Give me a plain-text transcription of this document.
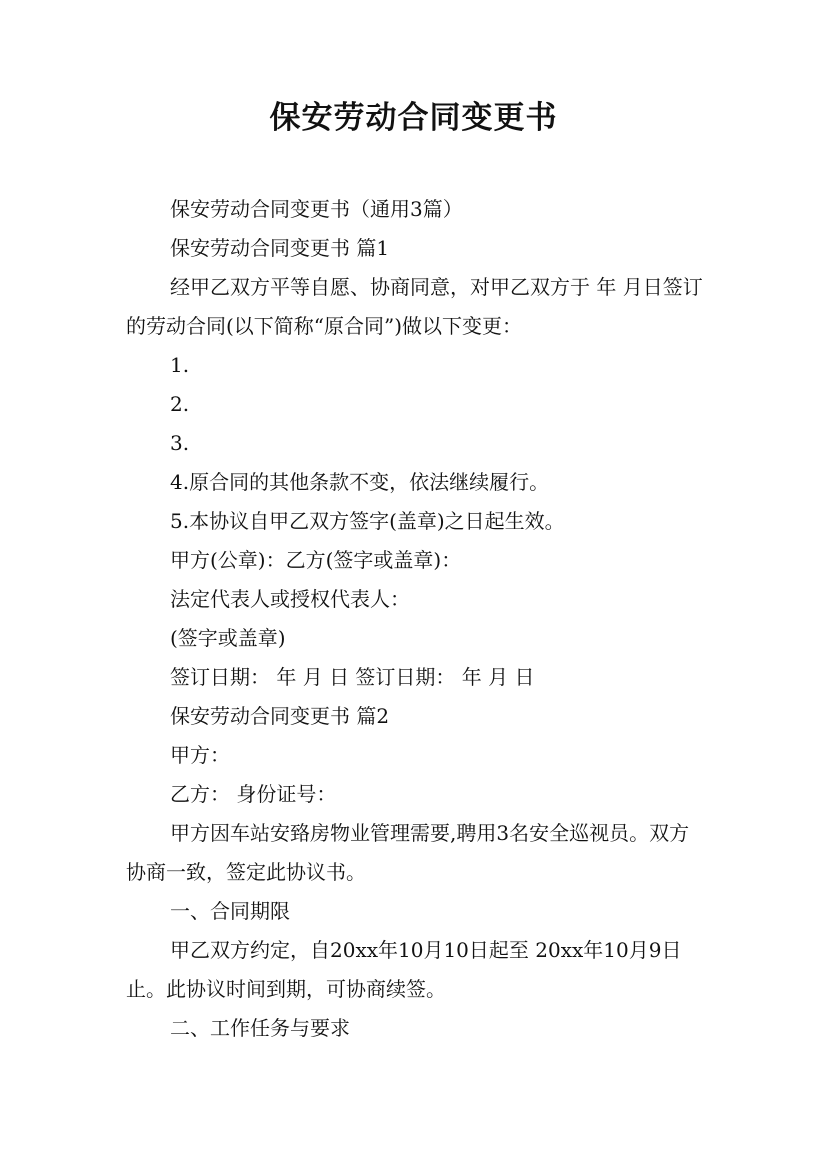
保安劳动合同变更书
保安劳动合同变更书（通用3篇）
保安劳动合同变更书 篇1
经甲乙双方平等自愿、协商同意，对甲乙双方于 年 月日签订的劳动合同(以下简称“原合同”)做以下变更：
1.
2.
3.
4.原合同的其他条款不变，依法继续履行。
5.本协议自甲乙双方签字(盖章)之日起生效。
甲方(公章)：乙方(签字或盖章)：
法定代表人或授权代表人：
(签字或盖章)
签订日期： 年 月 日 签订日期： 年 月 日
保安劳动合同变更书 篇2
甲方：
乙方： 身份证号：
甲方因车站安臵房物业管理需要,聘用3名安全巡视员。双方协商一致，签定此协议书。
一、合同期限
甲乙双方约定，自20xx年10月10日起至 20xx年10月9日止。此协议时间到期，可协商续签。
二、工作任务与要求
